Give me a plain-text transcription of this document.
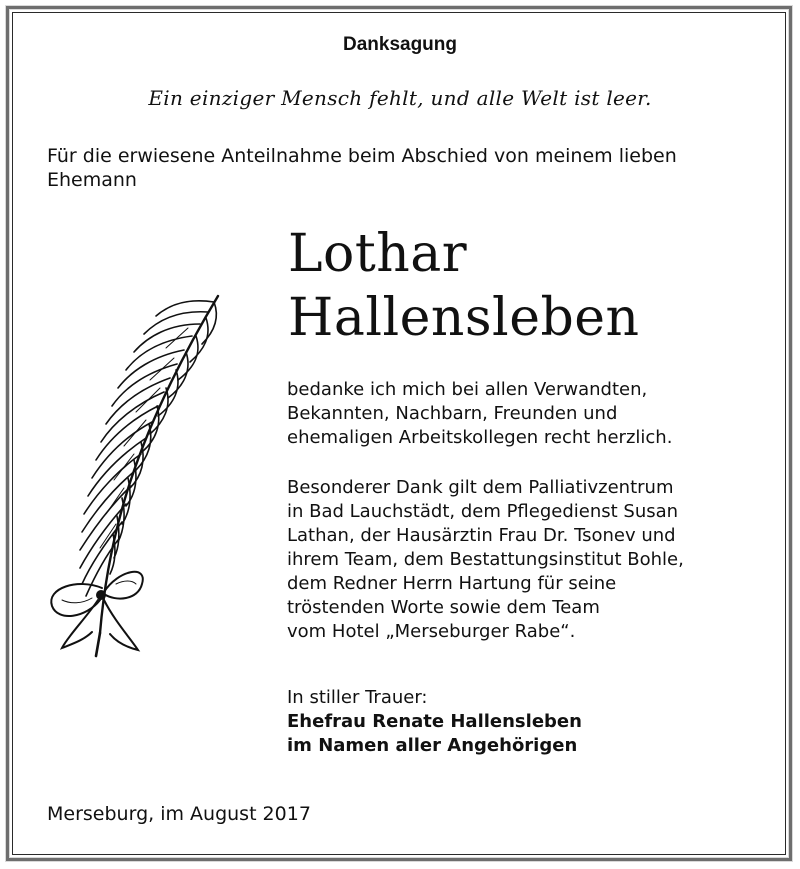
Danksagung
Ein einziger Mensch fehlt, und alle Welt ist leer.
Für die erwiesene Anteilnahme beim Abschied von meinem lieben
Ehemann
Lothar
Hallensleben
bedanke ich mich bei allen Verwandten,
Bekannten, Nachbarn, Freunden und
ehemaligen Arbeitskollegen recht herzlich.
Besonderer Dank gilt dem Palliativzentrum
in Bad Lauchstädt, dem Pflegedienst Susan
Lathan, der Hausärztin Frau Dr. Tsonev und
ihrem Team, dem Bestattungsinstitut Bohle,
dem Redner Herrn Hartung für seine
tröstenden Worte sowie dem Team
vom Hotel „Merseburger Rabe“.
In stiller Trauer:
Ehefrau Renate Hallensleben
im Namen aller Angehörigen
Merseburg, im August 2017
